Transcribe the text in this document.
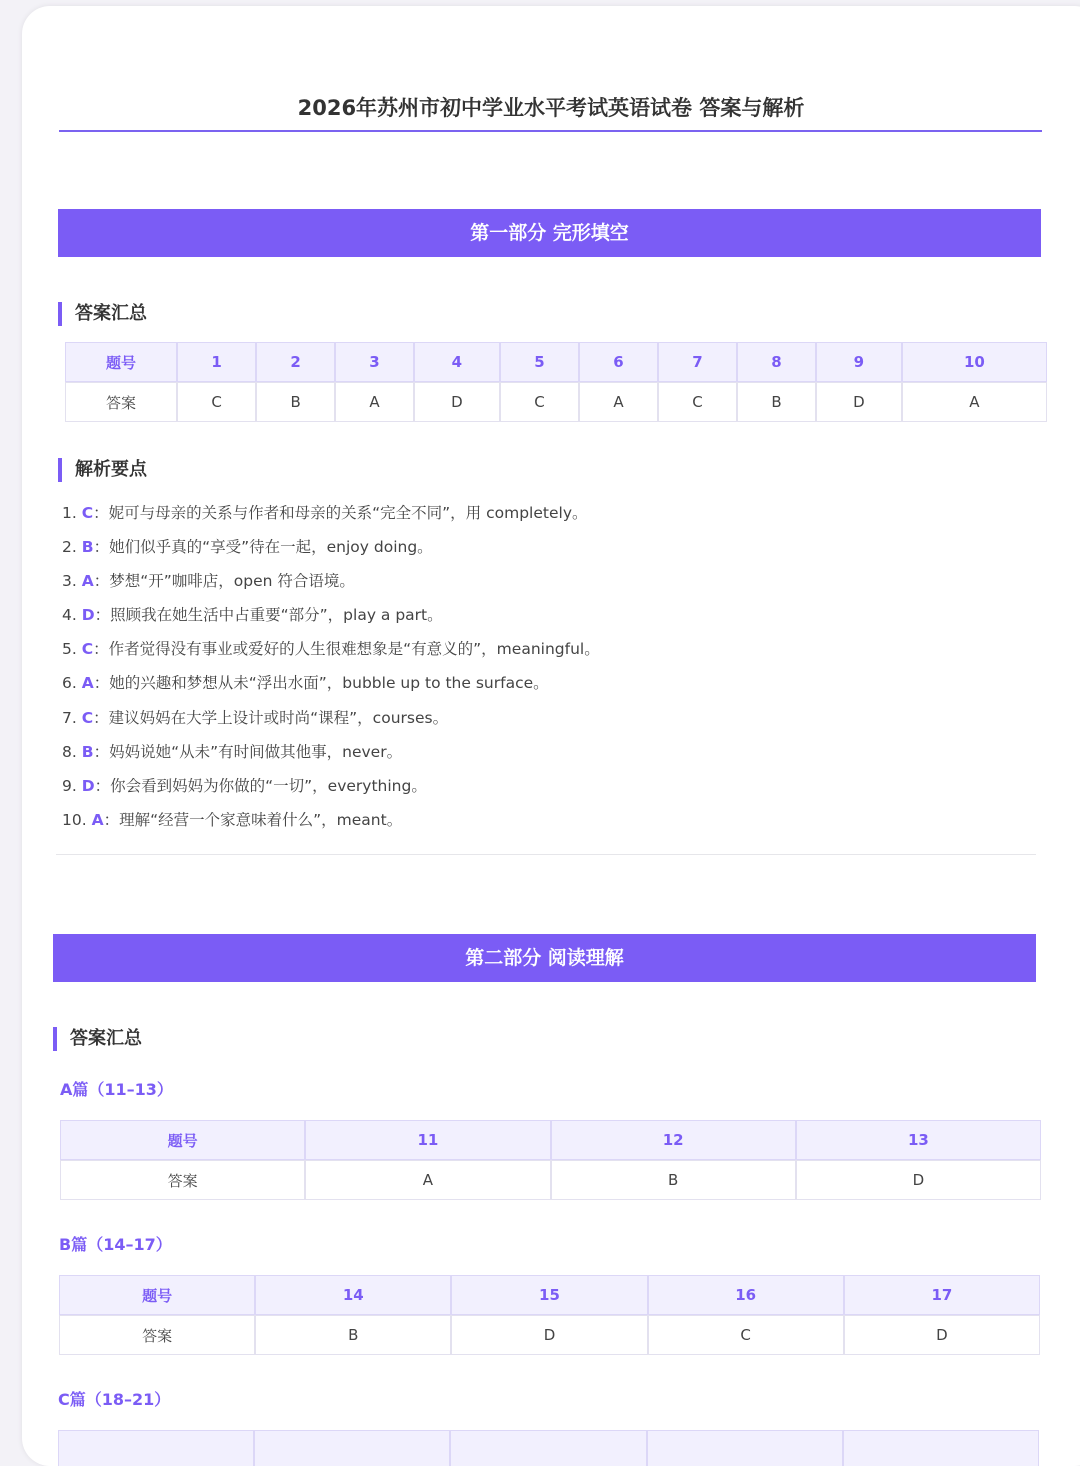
2026年苏州市初中学业水平考试英语试卷 答案与解析
第一部分 完形填空
答案汇总
题号	1	2	3	4	5	6	7	8	9	10
答案	C	B	A	D	C	A	C	B	D	A
解析要点
1. C：妮可与母亲的关系与作者和母亲的关系“完全不同”，用 completely。
2. B：她们似乎真的“享受”待在一起，enjoy doing。
3. A：梦想“开”咖啡店，open 符合语境。
4. D：照顾我在她生活中占重要“部分”，play a part。
5. C：作者觉得没有事业或爱好的人生很难想象是“有意义的”，meaningful。
6. A：她的兴趣和梦想从未“浮出水面”，bubble up to the surface。
7. C：建议妈妈在大学上设计或时尚“课程”，courses。
8. B：妈妈说她“从未”有时间做其他事，never。
9. D：你会看到妈妈为你做的“一切”，everything。
10. A：理解“经营一个家意味着什么”，meant。
第二部分 阅读理解
答案汇总
A篇（11–13）
题号	11	12	13
答案	A	B	D
B篇（14–17）
题号	14	15	16	17
答案	B	D	C	D
C篇（18–21）
